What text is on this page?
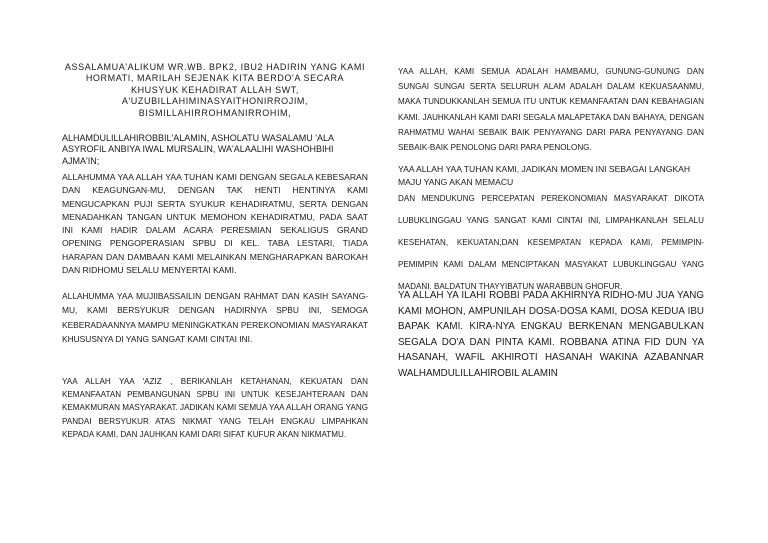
ASSALAMUA'ALIKUM WR.WB. BPK2, IBU2 HADIRIN YANG KAMI HORMATI, MARILAH SEJENAK KITA BERDO'A SECARA KHUSYUK KEHADIRAT ALLAH SWT, A'UZUBILLAHIMINASYAITHONIRROJIM, BISMILLAHIRROHMANIRROHIM,

ALHAMDULILLAHIROBBIL'ALAMIN, ASHOLATU WASALAMU 'ALA ASYROFIL ANBIYA IWAL MURSALIN, WA'ALAALIHI WASHOHBIHI AJMA'IN;

ALLAHUMMA YAA ALLAH YAA TUHAN KAMI DENGAN SEGALA KEBESARAN DAN KEAGUNGAN-MU, DENGAN TAK HENTI HENTINYA KAMI MENGUCAPKAN PUJI SERTA SYUKUR KEHADIRATMU, SERTA DENGAN MENADAHKAN TANGAN UNTUK MEMOHON KEHADIRATMU, PADA SAAT INI KAMI HADIR DALAM ACARA PERESMIAN SEKALIGUS GRAND OPENING PENGOPERASIAN SPBU DI KEL. TABA LESTARI, TIADA HARAPAN DAN DAMBAAN KAMI MELAINKAN MENGHARAPKAN BAROKAH DAN RIDHOMU SELALU MENYERTAI KAMI.

ALLAHUMMA YAA MUJIIBASSAILIN DENGAN RAHMAT DAN KASIH SAYANG-MU, KAMI BERSYUKUR DENGAN HADIRNYA SPBU INI, SEMOGA KEBERADAANNYA MAMPU MENINGKATKAN PEREKONOMIAN MASYARAKAT KHUSUSNYA DI YANG SANGAT KAMI CINTAI INI.

YAA ALLAH YAA 'AZIZ , BERIKANLAH KETAHANAN, KEKUATAN DAN KEMANFAATAN PEMBANGUNAN SPBU INI UNTUK KESEJAHTERAAN DAN KEMAKMURAN MASYARAKAT. JADIKAN KAMI SEMUA YAA ALLAH ORANG YANG PANDAI BERSYUKUR ATAS NIKMAT YANG TELAH ENGKAU LIMPAHKAN KEPADA KAMI, DAN JAUHKAN KAMI DARI SIFAT KUFUR AKAN NIKMATMU.

YAA ALLAH, KAMI SEMUA ADALAH HAMBAMU, GUNUNG-GUNUNG DAN SUNGAI SUNGAI SERTA SELURUH ALAM ADALAH DALAM KEKUASAANMU, MAKA TUNDUKKANLAH SEMUA ITU UNTUK KEMANFAATAN DAN KEBAHAGIAN KAMI. JAUHKANLAH KAMI DARI SEGALA MALAPETAKA DAN BAHAYA, DENGAN RAHMATMU WAHAI SEBAIK BAIK PENYAYANG DARI PARA PENYAYANG DAN SEBAIK-BAIK PENOLONG DARI PARA PENOLONG.

YAA ALLAH YAA TUHAN KAMI, JADIKAN MOMEN INI SEBAGAI LANGKAH MAJU YANG AKAN MEMACU

DAN MENDUKUNG PERCEPATAN PEREKONOMIAN MASYARAKAT DIKOTA LUBUKLINGGAU YANG SANGAT KAMI CINTAI INI, LIMPAHKANLAH SELALU KESEHATAN, KEKUATAN,DAN KESEMPATAN KEPADA KAMI, PEMIMPIN- PEMIMPIN KAMI DALAM MENCIPTAKAN MASYAKAT LUBUKLINGGAU YANG MADANI. BALDATUN THAYYIBATUN WARABBUN GHOFUR.

YA ALLAH YA ILAHI ROBBI PADA AKHIRNYA RIDHO-MU JUA YANG KAMI MOHON, AMPUNILAH DOSA-DOSA KAMI, DOSA KEDUA IBU BAPAK KAMI. KIRA-NYA ENGKAU BERKENAN MENGABULKAN SEGALA DO'A DAN PINTA KAMI. ROBBANA ATINA FID DUN YA HASANAH, WAFIL AKHIROTI HASANAH WAKINA AZABANNAR WALHAMDULILLAHIROBIL ALAMIN
